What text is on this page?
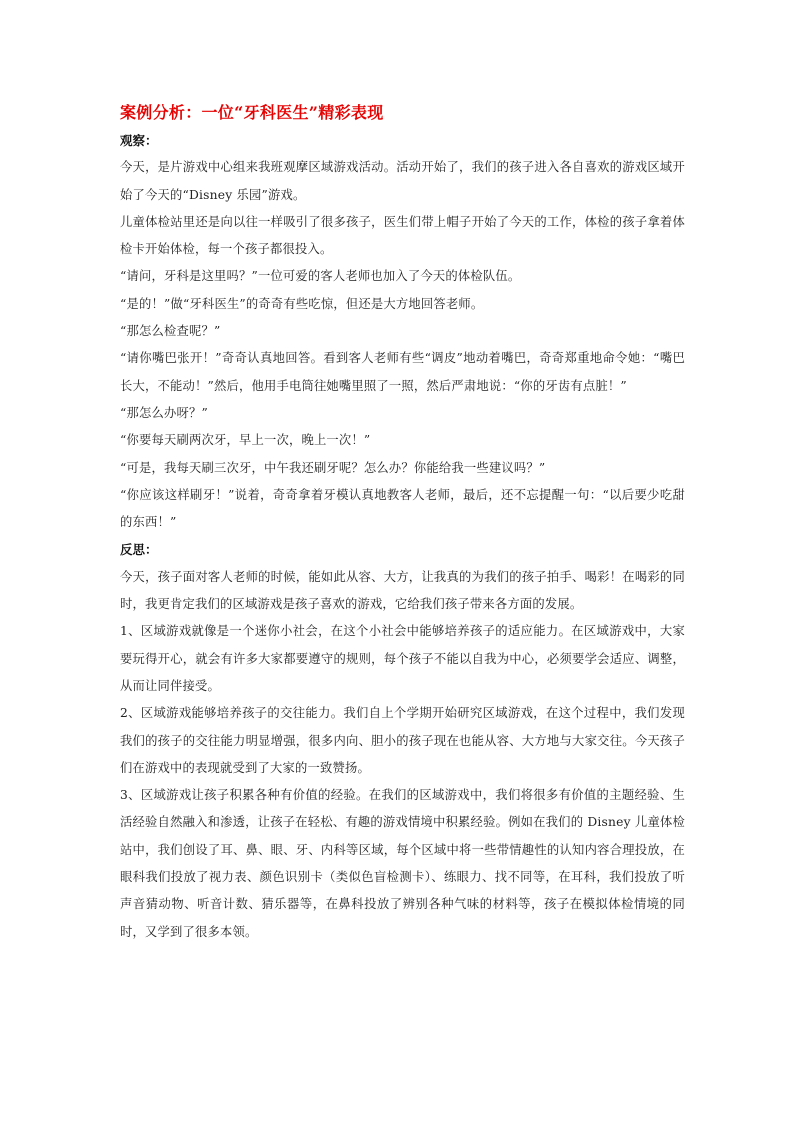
案例分析：一位“牙科医生”精彩表现
观察：

今天，是片游戏中心组来我班观摩区域游戏活动。活动开始了，我们的孩子进入各自喜欢的游戏区域开始了今天的“Disney 乐园”游戏。

儿童体检站里还是向以往一样吸引了很多孩子，医生们带上帽子开始了今天的工作，体检的孩子拿着体检卡开始体检，每一个孩子都很投入。

“请问，牙科是这里吗？”一位可爱的客人老师也加入了今天的体检队伍。

“是的！”做“牙科医生”的奇奇有些吃惊，但还是大方地回答老师。

“那怎么检查呢？”

“请你嘴巴张开！”奇奇认真地回答。看到客人老师有些“调皮”地动着嘴巴，奇奇郑重地命令她：“嘴巴长大，不能动！”然后，他用手电筒往她嘴里照了一照，然后严肃地说：“你的牙齿有点脏！”

“那怎么办呀？”

“你要每天刷两次牙，早上一次，晚上一次！”

“可是，我每天刷三次牙，中午我还刷牙呢？怎么办？你能给我一些建议吗？”

“你应该这样刷牙！”说着，奇奇拿着牙模认真地教客人老师，最后，还不忘提醒一句：“以后要少吃甜的东西！”

反思：

今天，孩子面对客人老师的时候，能如此从容、大方，让我真的为我们的孩子拍手、喝彩！在喝彩的同时，我更肯定我们的区域游戏是孩子喜欢的游戏，它给我们孩子带来各方面的发展。

1、区域游戏就像是一个迷你小社会，在这个小社会中能够培养孩子的适应能力。在区域游戏中，大家要玩得开心，就会有许多大家都要遵守的规则，每个孩子不能以自我为中心，必须要学会适应、调整，从而让同伴接受。

2、区域游戏能够培养孩子的交往能力。我们自上个学期开始研究区域游戏，在这个过程中，我们发现我们的孩子的交往能力明显增强，很多内向、胆小的孩子现在也能从容、大方地与大家交往。今天孩子们在游戏中的表现就受到了大家的一致赞扬。

3、区域游戏让孩子积累各种有价值的经验。在我们的区域游戏中，我们将很多有价值的主题经验、生活经验自然融入和渗透，让孩子在轻松、有趣的游戏情境中积累经验。例如在我们的 Disney 儿童体检站中，我们创设了耳、鼻、眼、牙、内科等区域，每个区域中将一些带情趣性的认知内容合理投放，在眼科我们投放了视力表、颜色识别卡（类似色盲检测卡）、练眼力、找不同等，在耳科，我们投放了听声音猜动物、听音计数、猜乐器等，在鼻科投放了辨别各种气味的材料等，孩子在模拟体检情境的同时，又学到了很多本领。
